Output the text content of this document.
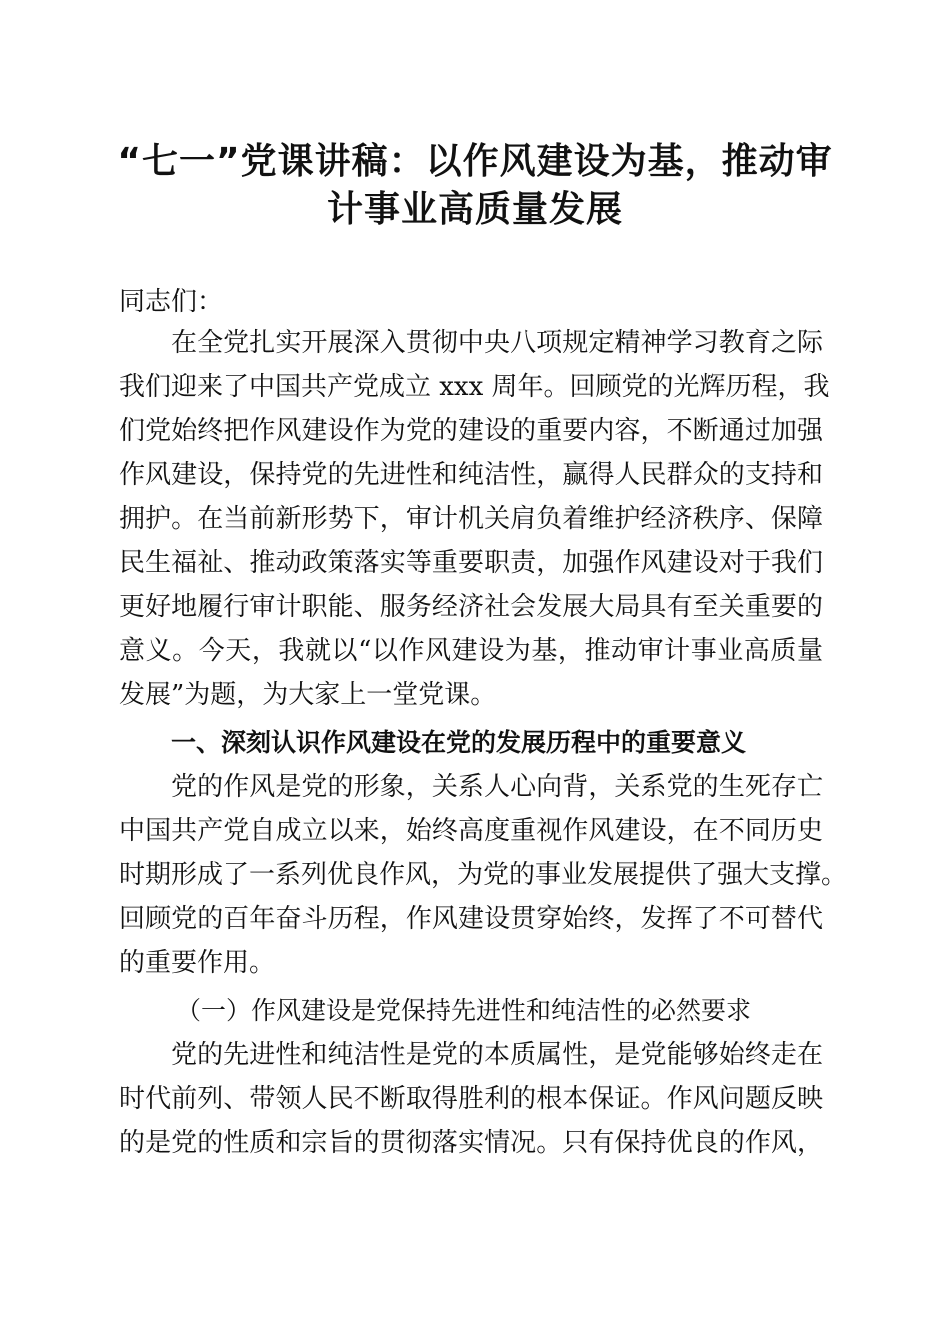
“七一”党课讲稿：以作风建设为基，推动审
计事业高质量发展
同志们：
在全党扎实开展深入贯彻中央八项规定精神学习教育之际
我们迎来了中国共产党成立 xxx 周年。回顾党的光辉历程，我
们党始终把作风建设作为党的建设的重要内容，不断通过加强
作风建设，保持党的先进性和纯洁性，赢得人民群众的支持和
拥护。在当前新形势下，审计机关肩负着维护经济秩序、保障
民生福祉、推动政策落实等重要职责，加强作风建设对于我们
更好地履行审计职能、服务经济社会发展大局具有至关重要的
意义。今天，我就以“以作风建设为基，推动审计事业高质量
发展”为题，为大家上一堂党课。
一、深刻认识作风建设在党的发展历程中的重要意义
党的作风是党的形象，关系人心向背，关系党的生死存亡
中国共产党自成立以来，始终高度重视作风建设，在不同历史
时期形成了一系列优良作风，为党的事业发展提供了强大支撑。
回顾党的百年奋斗历程，作风建设贯穿始终，发挥了不可替代
的重要作用。
（一）作风建设是党保持先进性和纯洁性的必然要求
党的先进性和纯洁性是党的本质属性，是党能够始终走在
时代前列、带领人民不断取得胜利的根本保证。作风问题反映
的是党的性质和宗旨的贯彻落实情况。只有保持优良的作风，
